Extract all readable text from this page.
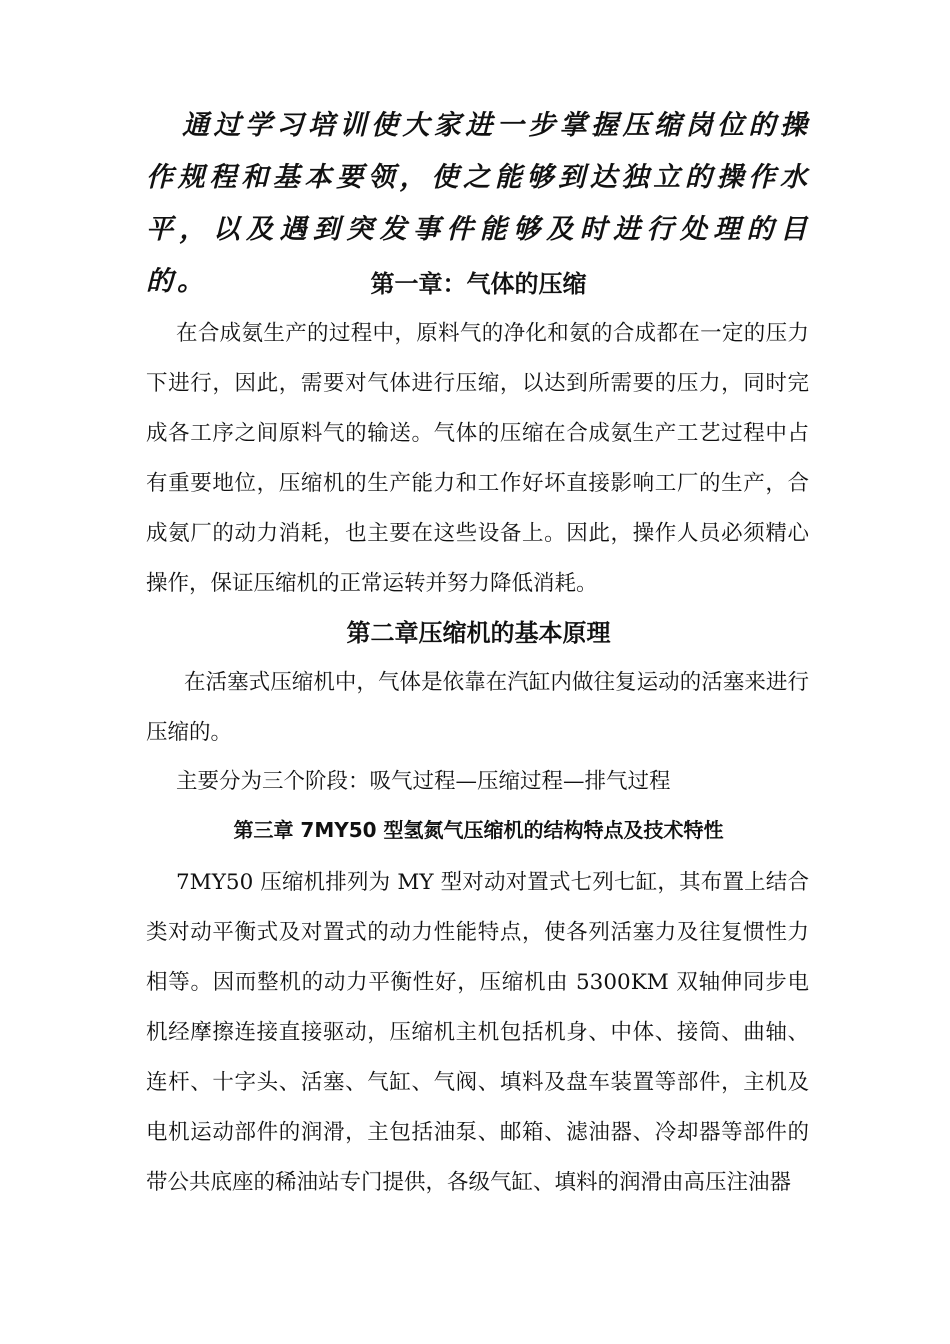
通过学习培训使大家进一步掌握压缩岗位的操作规程和基本要领，使之能够到达独立的操作水平，以及遇到突发事件能够及时进行处理的目的。	第一章：气体的压缩

在合成氨生产的过程中，原料气的净化和氨的合成都在一定的压力下进行，因此，需要对气体进行压缩，以达到所需要的压力，同时完成各工序之间原料气的输送。气体的压缩在合成氨生产工艺过程中占有重要地位，压缩机的生产能力和工作好坏直接影响工厂的生产，合成氨厂的动力消耗，也主要在这些设备上。因此，操作人员必须精心操作，保证压缩机的正常运转并努力降低消耗。

第二章压缩机的基本原理

在活塞式压缩机中，气体是依靠在汽缸内做往复运动的活塞来进行压缩的。

主要分为三个阶段：吸气过程—压缩过程—排气过程

第三章 7MY50 型氢氮气压缩机的结构特点及技术特性

7MY50 压缩机排列为 MY 型对动对置式七列七缸，其布置上结合类对动平衡式及对置式的动力性能特点，使各列活塞力及往复惯性力相等。因而整机的动力平衡性好，压缩机由 5300KM 双轴伸同步电机经摩擦连接直接驱动，压缩机主机包括机身、中体、接筒、曲轴、连杆、十字头、活塞、气缸、气阀、填料及盘车装置等部件，主机及电机运动部件的润滑，主包括油泵、邮箱、滤油器、冷却器等部件的带公共底座的稀油站专门提供，各级气缸、填料的润滑由高压注油器
